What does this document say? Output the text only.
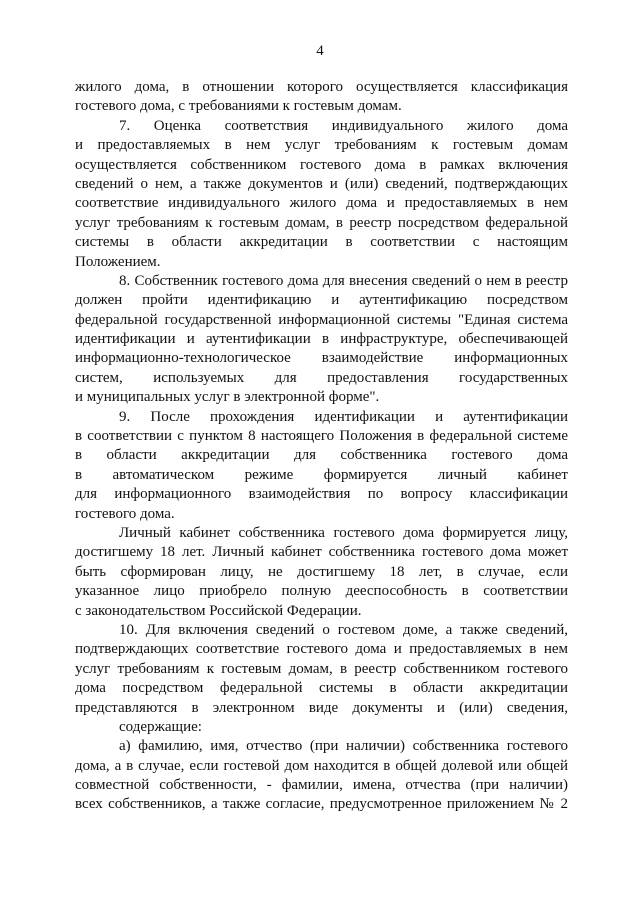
4
жилого дома, в отношении которого осуществляется классификация
гостевого дома, с требованиями к гостевым домам.
7. Оценка соответствия индивидуального жилого дома
и предоставляемых в нем услуг требованиям к гостевым домам
осуществляется собственником гостевого дома в рамках включения
сведений о нем, а также документов и (или) сведений, подтверждающих
соответствие индивидуального жилого дома и предоставляемых в нем
услуг требованиям к гостевым домам, в реестр посредством федеральной
системы в области аккредитации в соответствии с настоящим
Положением.
8. Собственник гостевого дома для внесения сведений о нем в реестр
должен пройти идентификацию и аутентификацию посредством
федеральной государственной информационной системы "Единая система
идентификации и аутентификации в инфраструктуре, обеспечивающей
информационно-технологическое взаимодействие информационных
систем, используемых для предоставления государственных
и муниципальных услуг в электронной форме".
9. После прохождения идентификации и аутентификации
в соответствии с пунктом 8 настоящего Положения в федеральной системе
в области аккредитации для собственника гостевого дома
в автоматическом режиме формируется личный кабинет
для информационного взаимодействия по вопросу классификации
гостевого дома.
Личный кабинет собственника гостевого дома формируется лицу,
достигшему 18 лет. Личный кабинет собственника гостевого дома может
быть сформирован лицу, не достигшему 18 лет, в случае, если
указанное лицо приобрело полную дееспособность в соответствии
с законодательством Российской Федерации.
10. Для включения сведений о гостевом доме, а также сведений,
подтверждающих соответствие гостевого дома и предоставляемых в нем
услуг требованиям к гостевым домам, в реестр собственником гостевого
дома посредством федеральной системы в области аккредитации
представляются в электронном виде документы и (или) сведения,
содержащие:
а) фамилию, имя, отчество (при наличии) собственника гостевого
дома, а в случае, если гостевой дом находится в общей долевой или общей
совместной собственности, - фамилии, имена, отчества (при наличии)
всех собственников, а также согласие, предусмотренное приложением № 2
